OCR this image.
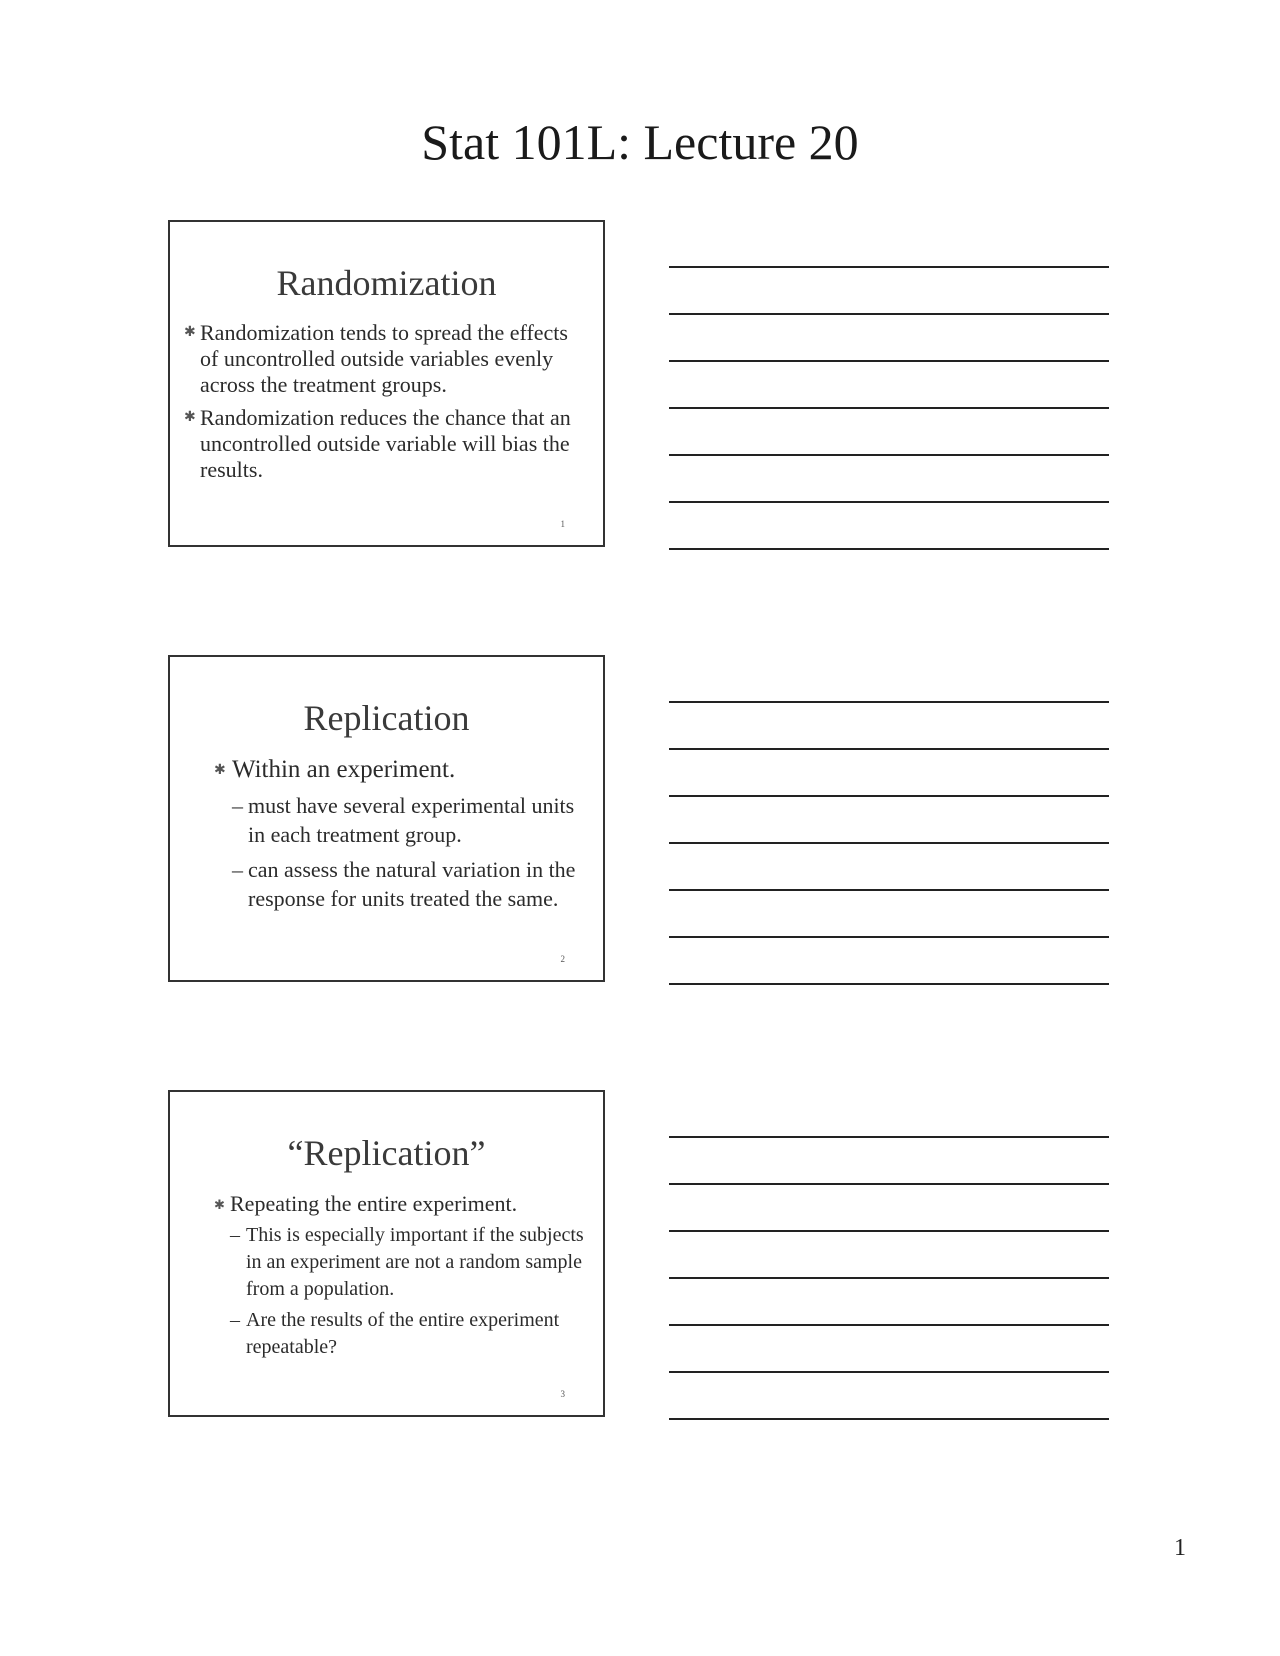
Stat 101L: Lecture 20
Randomization
✱ Randomization tends to spread the effects of uncontrolled outside variables evenly across the treatment groups.
✱ Randomization reduces the chance that an uncontrolled outside variable will bias the results.
1
Replication
✱ Within an experiment.
– must have several experimental units in each treatment group.
– can assess the natural variation in the response for units treated the same.
2
“Replication”
✱ Repeating the entire experiment.
– This is especially important if the subjects in an experiment are not a random sample from a population.
– Are the results of the entire experiment repeatable?
3
1
